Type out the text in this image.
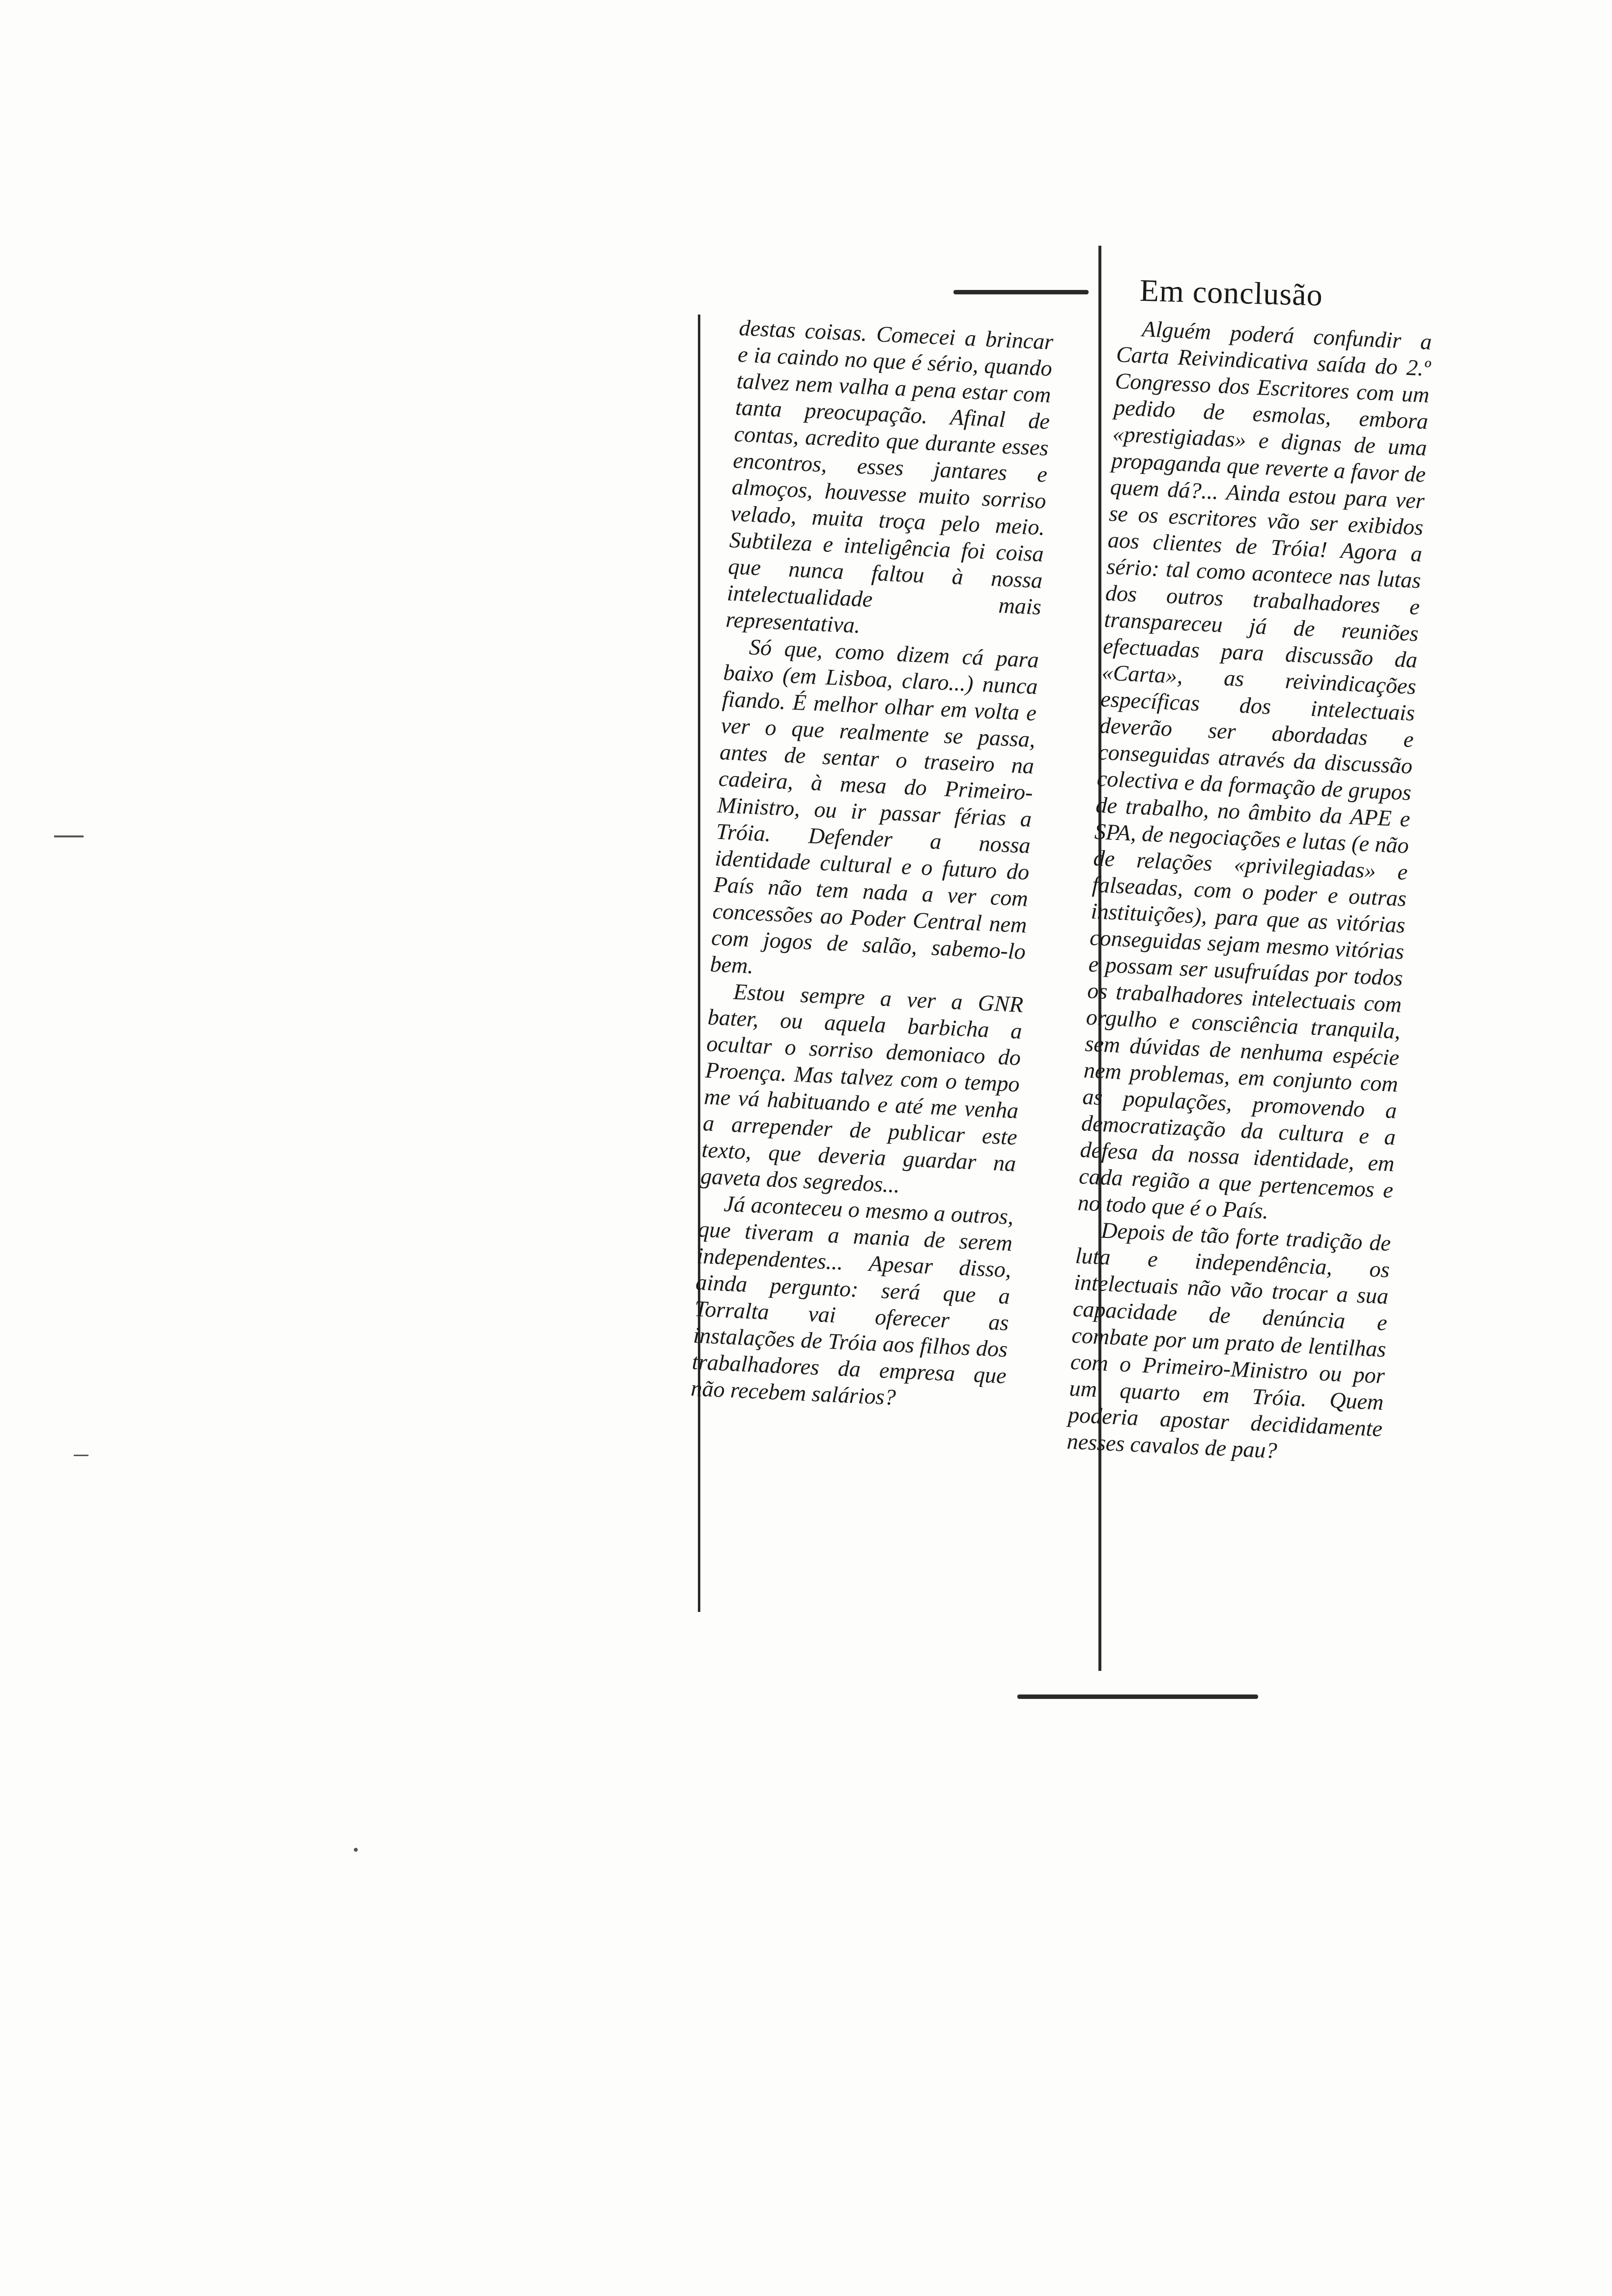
destas coisas. Comecei a brincar e ia caindo no que é sério, quando talvez nem valha a pena estar com tanta preocupação. Afinal de contas, acredito que durante esses encontros, esses jantares e almoços, houvesse muito sorriso velado, muita troça pelo meio. Subtileza e inteligência foi coisa que nunca faltou à nossa intelectualidade mais representativa.

Só que, como dizem cá para baixo (em Lisboa, claro...) nunca fiando. É melhor olhar em volta e ver o que realmente se passa, antes de sentar o traseiro na cadeira, à mesa do Primeiro-Ministro, ou ir passar férias a Tróia. Defender a nossa identidade cultural e o futuro do País não tem nada a ver com concessões ao Poder Central nem com jogos de salão, sabemo-lo bem.

Estou sempre a ver a GNR bater, ou aquela barbicha a ocultar o sorriso demoniaco do Proença. Mas talvez com o tempo me vá habituando e até me venha a arrepender de publicar este texto, que deveria guardar na gaveta dos segredos...

Já aconteceu o mesmo a outros, que tiveram a mania de serem independentes... Apesar disso, ainda pergunto: será que a Torralta vai oferecer as instalações de Tróia aos filhos dos trabalhadores da empresa que não recebem salários?

Em conclusão

Alguém poderá confundir a Carta Reivindicativa saída do 2.º Congresso dos Escritores com um pedido de esmolas, embora «prestigiadas» e dignas de uma propaganda que reverte a favor de quem dá?... Ainda estou para ver se os escritores vão ser exibidos aos clientes de Tróia! Agora a sério: tal como acontece nas lutas dos outros trabalhadores e transpareceu já de reuniões efectuadas para discussão da «Carta», as reivindicações específicas dos intelectuais deverão ser abordadas e conseguidas através da discussão colectiva e da formação de grupos de trabalho, no âmbito da APE e SPA, de negociações e lutas (e não de relações «privilegiadas» e falseadas, com o poder e outras instituições), para que as vitórias conseguidas sejam mesmo vitórias e possam ser usufruídas por todos os trabalhadores intelectuais com orgulho e consciência tranquila, sem dúvidas de nenhuma espécie nem problemas, em conjunto com as populações, promovendo a democratização da cultura e a defesa da nossa identidade, em cada região a que pertencemos e no todo que é o País.

Depois de tão forte tradição de luta e independência, os intelectuais não vão trocar a sua capacidade de denúncia e combate por um prato de lentilhas com o Primeiro-Ministro ou por um quarto em Tróia. Quem poderia apostar decididamente nesses cavalos de pau?
